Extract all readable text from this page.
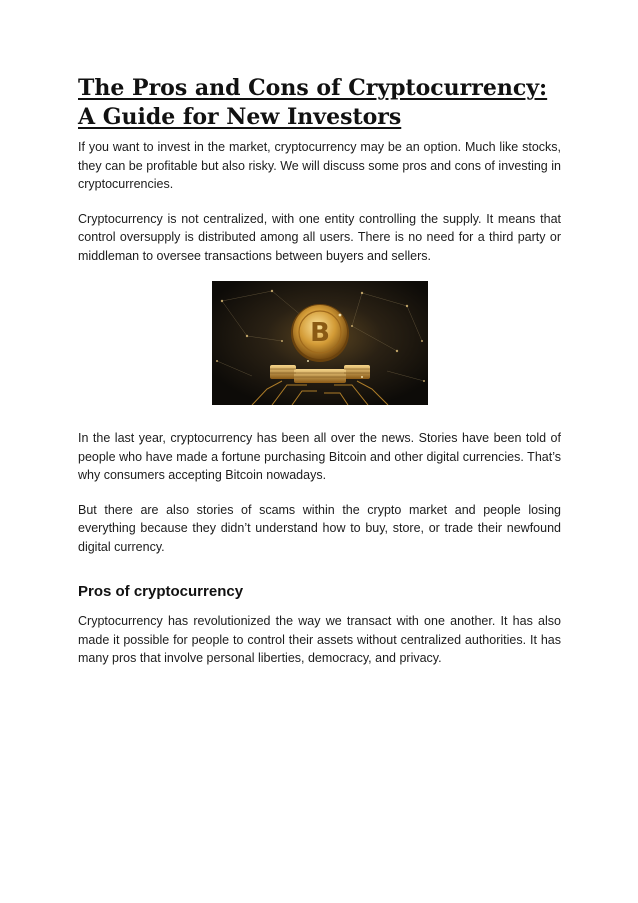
The Pros and Cons of Cryptocurrency: A Guide for New Investors

If you want to invest in the market, cryptocurrency may be an option. Much like stocks, they can be profitable but also risky. We will discuss some pros and cons of investing in cryptocurrencies.

Cryptocurrency is not centralized, with one entity controlling the supply. It means that control oversupply is distributed among all users. There is no need for a third party or middleman to oversee transactions between buyers and sellers.

B

In the last year, cryptocurrency has been all over the news. Stories have been told of people who have made a fortune purchasing Bitcoin and other digital currencies. That’s why consumers accepting Bitcoin nowadays.

But there are also stories of scams within the crypto market and people losing everything because they didn’t understand how to buy, store, or trade their newfound digital currency.

Pros of cryptocurrency

Cryptocurrency has revolutionized the way we transact with one another. It has also made it possible for people to control their assets without centralized authorities. It has many pros that involve personal liberties, democracy, and privacy.
